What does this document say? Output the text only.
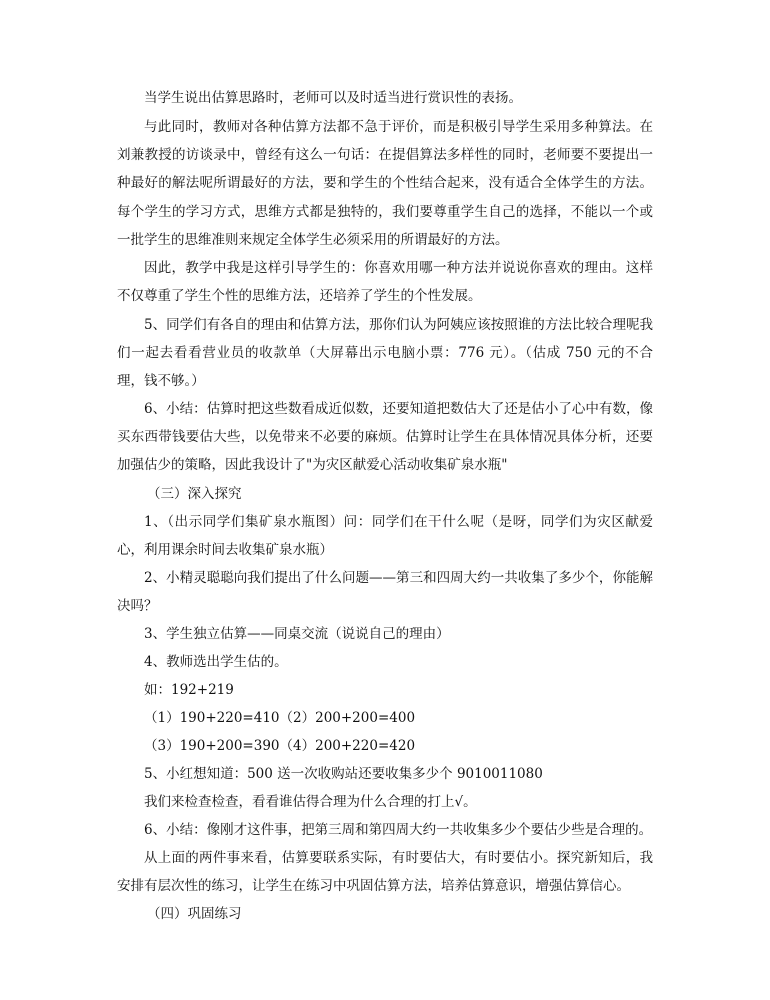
当学生说出估算思路时，老师可以及时适当进行赏识性的表扬。

与此同时，教师对各种估算方法都不急于评价，而是积极引导学生采用多种算法。在刘兼教授的访谈录中，曾经有这么一句话：在提倡算法多样性的同时，老师要不要提出一种最好的解法呢所谓最好的方法，要和学生的个性结合起来，没有适合全体学生的方法。每个学生的学习方式，思维方式都是独特的，我们要尊重学生自己的选择，不能以一个或一批学生的思维准则来规定全体学生必须采用的所谓最好的方法。

因此，教学中我是这样引导学生的：你喜欢用哪一种方法并说说你喜欢的理由。这样不仅尊重了学生个性的思维方法，还培养了学生的个性发展。

5、同学们有各自的理由和估算方法，那你们认为阿姨应该按照谁的方法比较合理呢我们一起去看看营业员的收款单（大屏幕出示电脑小票：776 元）。（估成 750 元的不合理，钱不够。）

6、小结：估算时把这些数看成近似数，还要知道把数估大了还是估小了心中有数，像买东西带钱要估大些，以免带来不必要的麻烦。估算时让学生在具体情况具体分析，还要加强估少的策略，因此我设计了"为灾区献爱心活动收集矿泉水瓶"

（三）深入探究

1、（出示同学们集矿泉水瓶图）问：同学们在干什么呢（是呀，同学们为灾区献爱心，利用课余时间去收集矿泉水瓶）

2、小精灵聪聪向我们提出了什么问题——第三和四周大约一共收集了多少个，你能解决吗？

3、学生独立估算——同桌交流（说说自己的理由）

4、教师选出学生估的。

如：192+219

（1）190+220=410（2）200+200=400

（3）190+200=390（4）200+220=420

5、小红想知道：500 送一次收购站还要收集多少个 9010011080

我们来检查检查，看看谁估得合理为什么合理的打上√。

6、小结：像刚才这件事，把第三周和第四周大约一共收集多少个要估少些是合理的。

从上面的两件事来看，估算要联系实际，有时要估大，有时要估小。探究新知后，我安排有层次性的练习，让学生在练习中巩固估算方法，培养估算意识，增强估算信心。

（四）巩固练习
